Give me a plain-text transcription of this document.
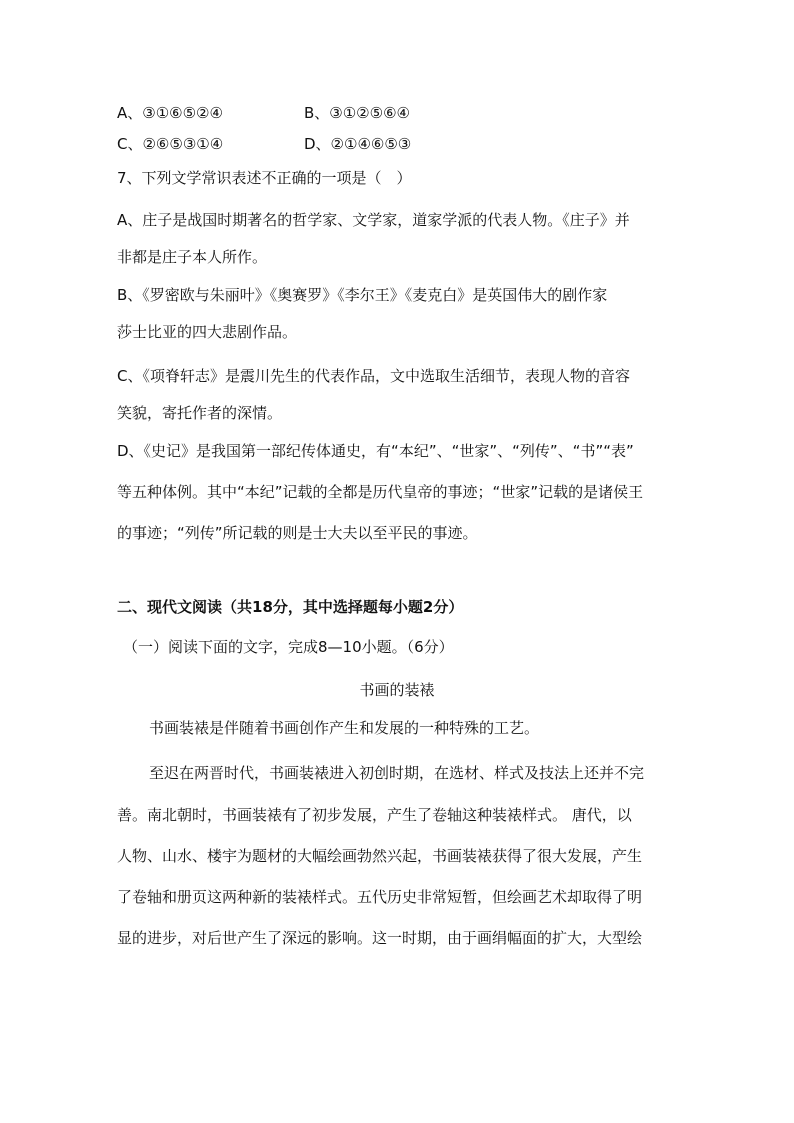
A、③①⑥⑤②④	B、③①②⑤⑥④
C、②⑥⑤③①④	D、②①④⑥⑤③
7、下列文学常识表述不正确的一项是（　）
A、庄子是战国时期著名的哲学家、文学家，道家学派的代表人物。《庄子》并
非都是庄子本人所作。
B、《罗密欧与朱丽叶》《奥赛罗》《李尔王》《麦克白》是英国伟大的剧作家
莎士比亚的四大悲剧作品。
C、《项脊轩志》是震川先生的代表作品，文中选取生活细节，表现人物的音容
笑貌，寄托作者的深情。
D、《史记》是我国第一部纪传体通史，有“本纪”、“世家”、“列传”、“书”“表”
等五种体例。其中“本纪”记载的全都是历代皇帝的事迹；“世家”记载的是诸侯王
的事迹；“列传”所记载的则是士大夫以至平民的事迹。
二、现代文阅读（共18分，其中选择题每小题2分）
（一）阅读下面的文字，完成8—10小题。（6分）
书画的装裱
书画装裱是伴随着书画创作产生和发展的一种特殊的工艺。
至迟在两晋时代，书画装裱进入初创时期，在选材、样式及技法上还并不完
善。南北朝时，书画装裱有了初步发展，产生了卷轴这种装裱样式。 唐代，以
人物、山水、楼宇为题材的大幅绘画勃然兴起，书画装裱获得了很大发展，产生
了卷轴和册页这两种新的装裱样式。五代历史非常短暂，但绘画艺术却取得了明
显的进步，对后世产生了深远的影响。这一时期，由于画绢幅面的扩大，大型绘
